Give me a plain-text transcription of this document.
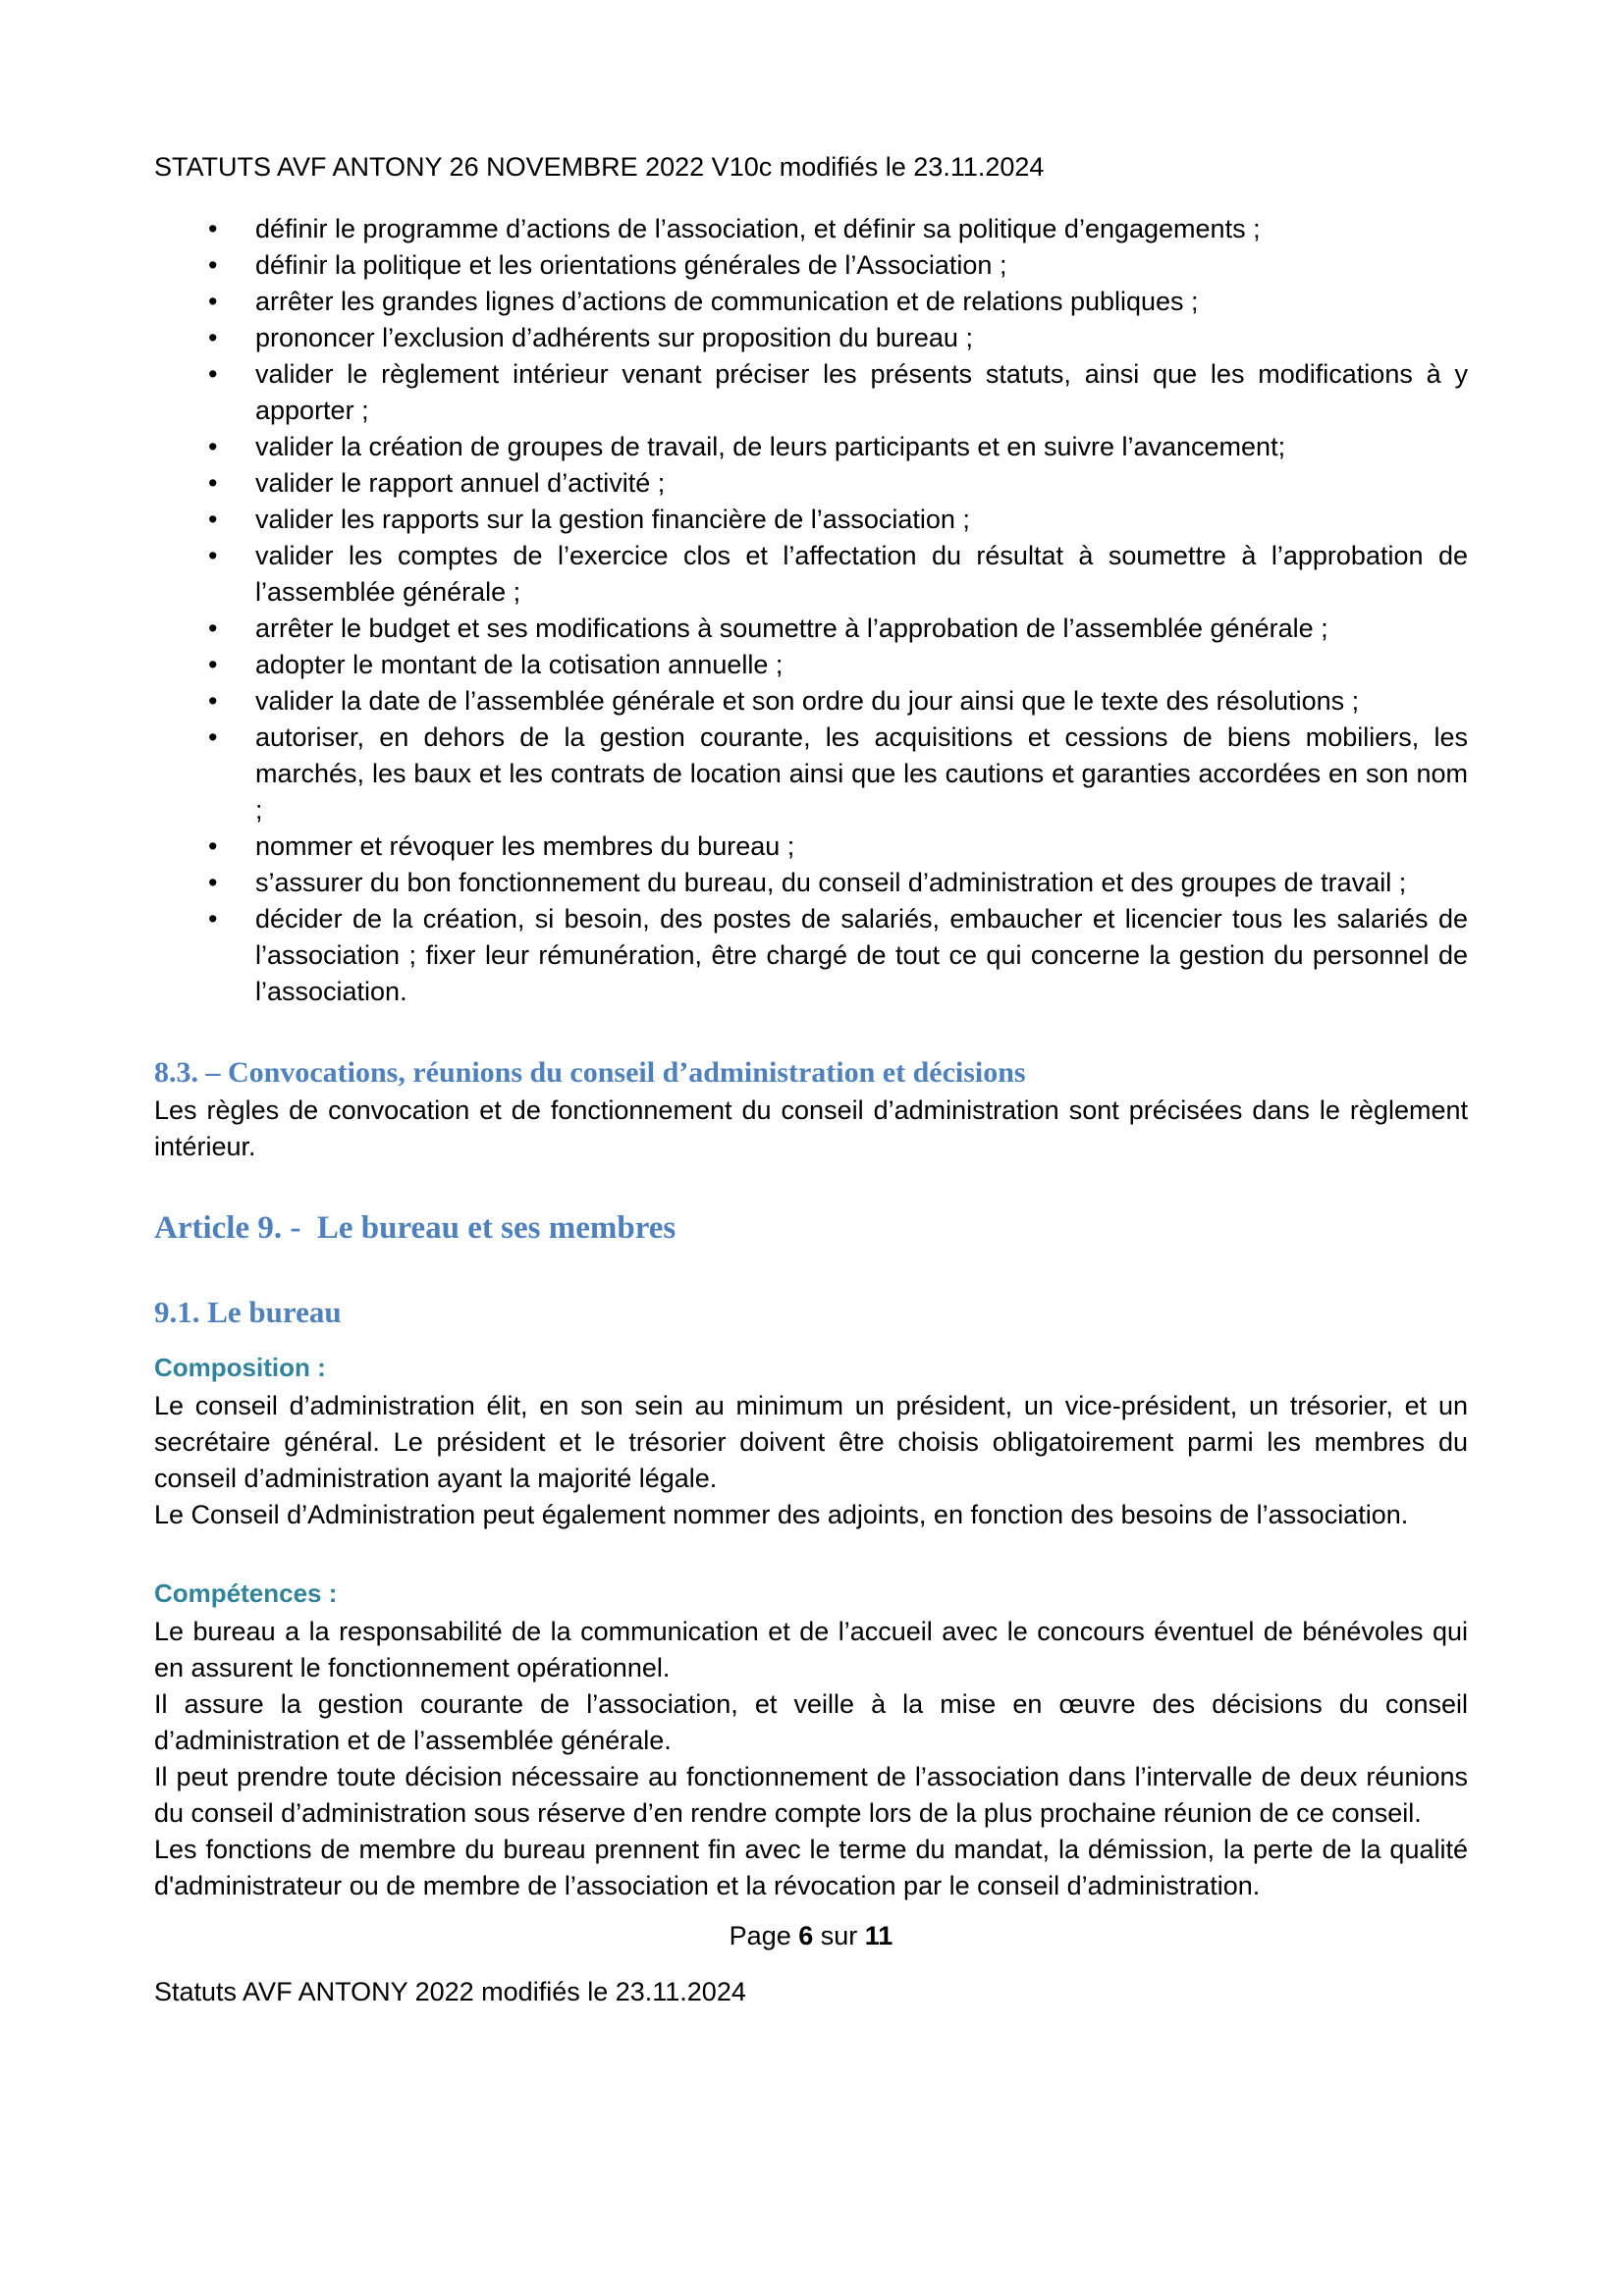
STATUTS AVF ANTONY 26 NOVEMBRE 2022 V10c modifiés le 23.11.2024

• définir le programme d’actions de l’association, et définir sa politique d’engagements ;
• définir la politique et les orientations générales de l’Association ;
• arrêter les grandes lignes d’actions de communication et de relations publiques ;
• prononcer l’exclusion d’adhérents sur proposition du bureau ;
• valider le règlement intérieur venant préciser les présents statuts, ainsi que les modifications à y apporter ;
• valider la création de groupes de travail, de leurs participants et en suivre l’avancement;
• valider le rapport annuel d’activité ;
• valider les rapports sur la gestion financière de l’association ;
• valider les comptes de l’exercice clos et l’affectation du résultat à soumettre à l’approbation de l’assemblée générale ;
• arrêter le budget et ses modifications à soumettre à l’approbation de l’assemblée générale ;
• adopter le montant de la cotisation annuelle ;
• valider la date de l’assemblée générale et son ordre du jour ainsi que le texte des résolutions ;
• autoriser, en dehors de la gestion courante, les acquisitions et cessions de biens mobiliers, les marchés, les baux et les contrats de location ainsi que les cautions et garanties accordées en son nom ;
• nommer et révoquer les membres du bureau ;
• s’assurer du bon fonctionnement du bureau, du conseil d’administration et des groupes de travail ;
• décider de la création, si besoin, des postes de salariés, embaucher et licencier tous les salariés de l’association ; fixer leur rémunération, être chargé de tout ce qui concerne la gestion du personnel de l’association.
8.3. – Convocations, réunions du conseil d’administration et décisions

Les règles de convocation et de fonctionnement du conseil d’administration sont précisées dans le règlement intérieur.

Article 9. -  Le bureau et ses membres
9.1. Le bureau
Composition :

Le conseil d’administration élit, en son sein au minimum un président, un vice-président, un trésorier, et un secrétaire général. Le président et le trésorier doivent être choisis obligatoirement parmi les membres du conseil d’administration ayant la majorité légale.

Le Conseil d’Administration peut également nommer des adjoints, en fonction des besoins de l’association.

Compétences :

Le bureau a la responsabilité de la communication et de l’accueil avec le concours éventuel de bénévoles qui en assurent le fonctionnement opérationnel.

Il assure la gestion courante de l’association, et veille à la mise en œuvre des décisions du conseil d’administration et de l’assemblée générale.

Il peut prendre toute décision nécessaire au fonctionnement de l’association dans l’intervalle de deux réunions du conseil d’administration sous réserve d’en rendre compte lors de la plus prochaine réunion de ce conseil.

Les fonctions de membre du bureau prennent fin avec le terme du mandat, la démission, la perte de la qualité d'administrateur ou de membre de l’association et la révocation par le conseil d’administration.

Page 6 sur 11

Statuts AVF ANTONY 2022 modifiés le 23.11.2024
